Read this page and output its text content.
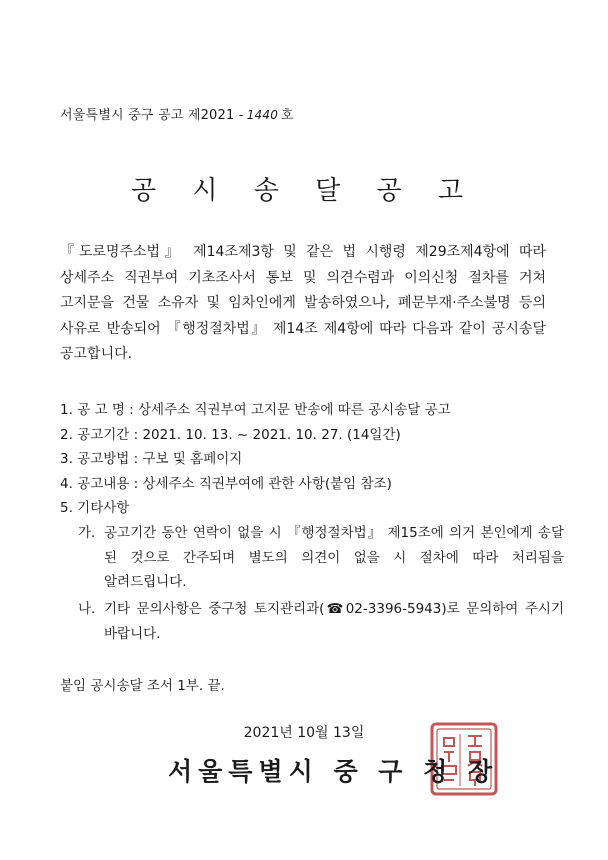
서울특별시 중구 공고 제2021 - 1440 호
공 시 송 달 공 고
『도로명주소법』 제14조제3항 및 같은 법 시행령 제29조제4항에 따라 상세주소 직권부여 기초조사서 통보 및 의견수렴과 이의신청 절차를 거쳐 고지문을 건물 소유자 및 임차인에게 발송하였으나, 폐문부재·주소불명 등의 사유로 반송되어 『행정절차법』 제14조 제4항에 따라 다음과 같이 공시송달 공고합니다.
1. 공 고 명 : 상세주소 직권부여 고지문 반송에 따른 공시송달 공고
2. 공고기간 : 2021. 10. 13. ~ 2021. 10. 27. (14일간)
3. 공고방법 : 구보 및 홈페이지
4. 공고내용 : 상세주소 직권부여에 관한 사항(붙임 참조)
5. 기타사항
가. 공고기간 동안 연락이 없을 시 『행정절차법』 제15조에 의거 본인에게 송달 된 것으로 간주되며 별도의 의견이 없을 시 절차에 따라 처리됨을 알려드립니다.
나. 기타 문의사항은 중구청 토지관리과(☎02-3396-5943)로 문의하여 주시기 바랍니다.
붙임 공시송달 조서 1부. 끝.
2021년 10월 13일
서울특별시 중 구 청 장
